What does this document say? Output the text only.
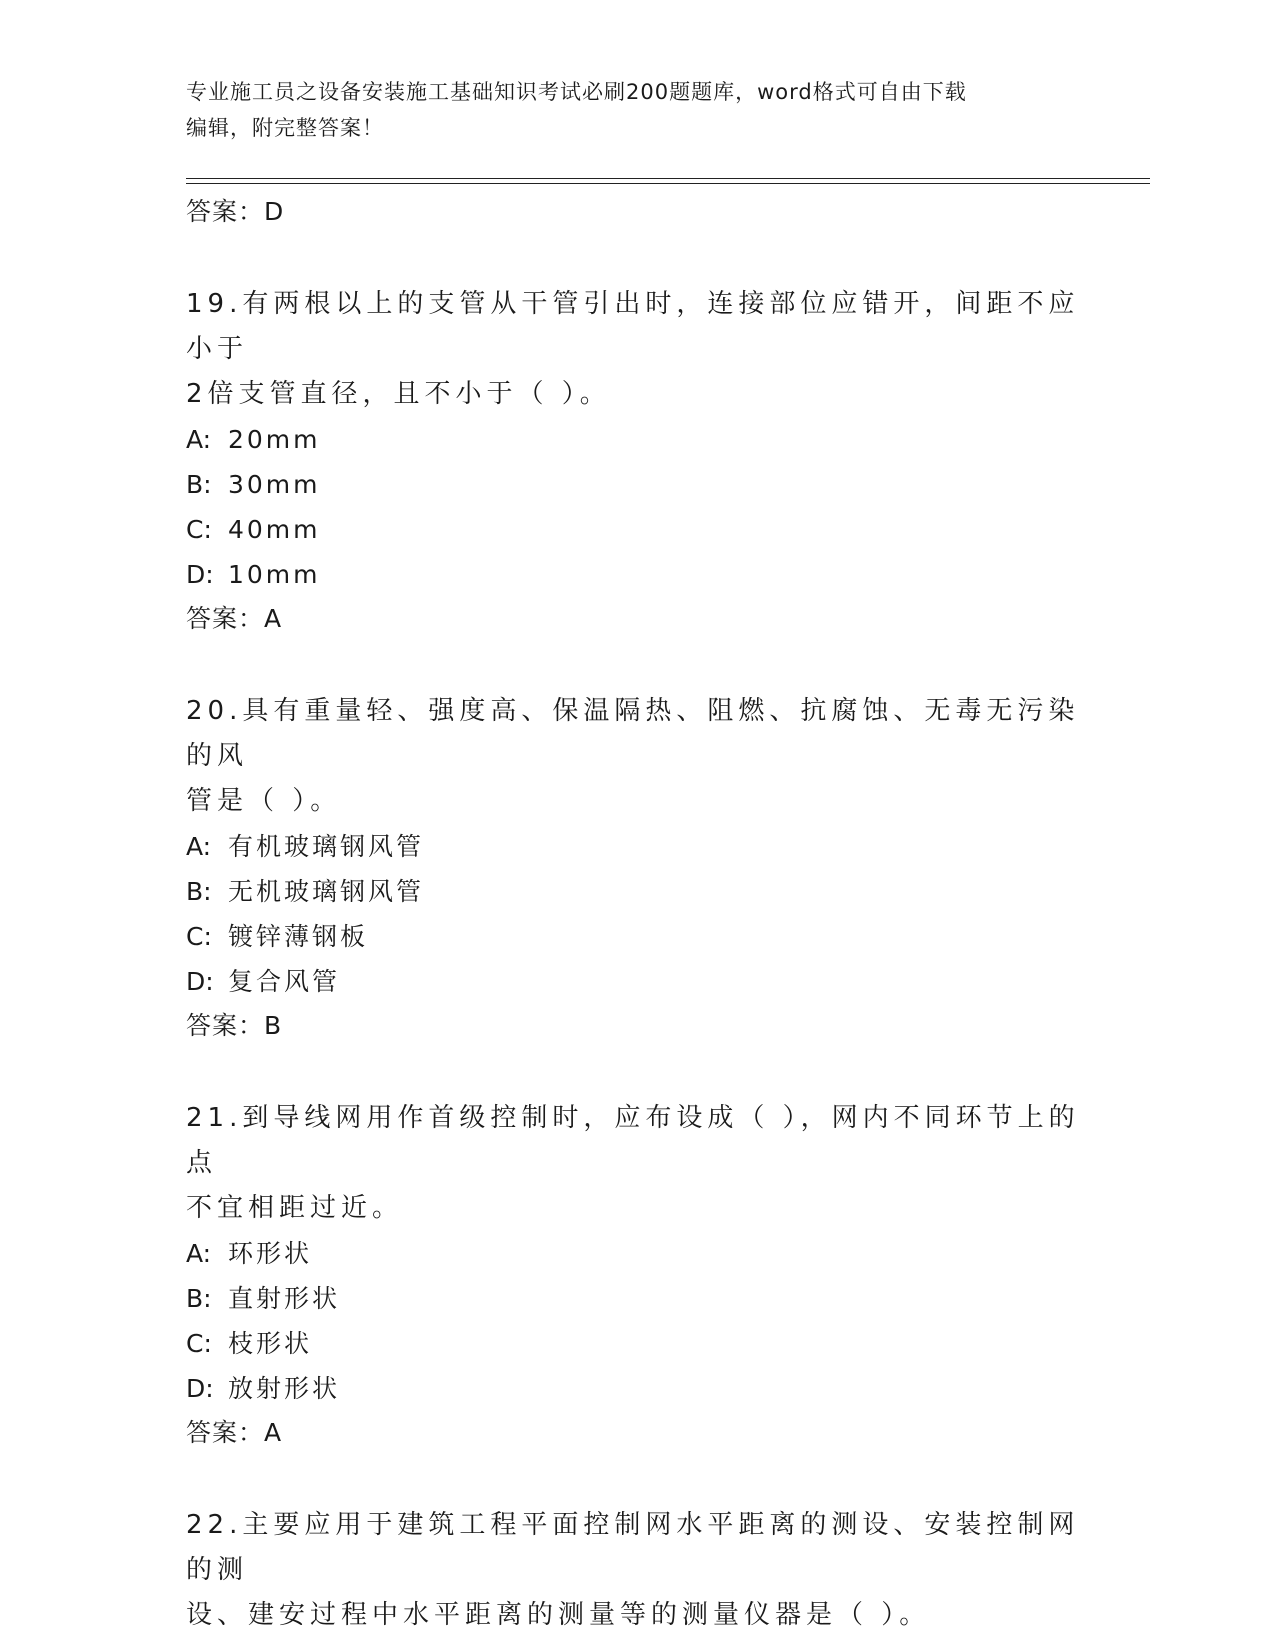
专业施工员之设备安装施工基础知识考试必刷200题题库，word格式可自由下载
编辑，附完整答案！
答案：D
19.有两根以上的支管从干管引出时，连接部位应错开，间距不应小于
2倍支管直径，且不小于（ ）。
A: 20mm
B: 30mm
C: 40mm
D: 10mm
答案：A
20.具有重量轻、强度高、保温隔热、阻燃、抗腐蚀、无毒无污染的风
管是（ ）。
A: 有机玻璃钢风管
B: 无机玻璃钢风管
C: 镀锌薄钢板
D: 复合风管
答案：B
21.到导线网用作首级控制时，应布设成（ ），网内不同环节上的点
不宜相距过近。
A: 环形状
B: 直射形状
C: 枝形状
D: 放射形状
答案：A
22.主要应用于建筑工程平面控制网水平距离的测设、安装控制网的测
设、建安过程中水平距离的测量等的测量仪器是（ ）。
